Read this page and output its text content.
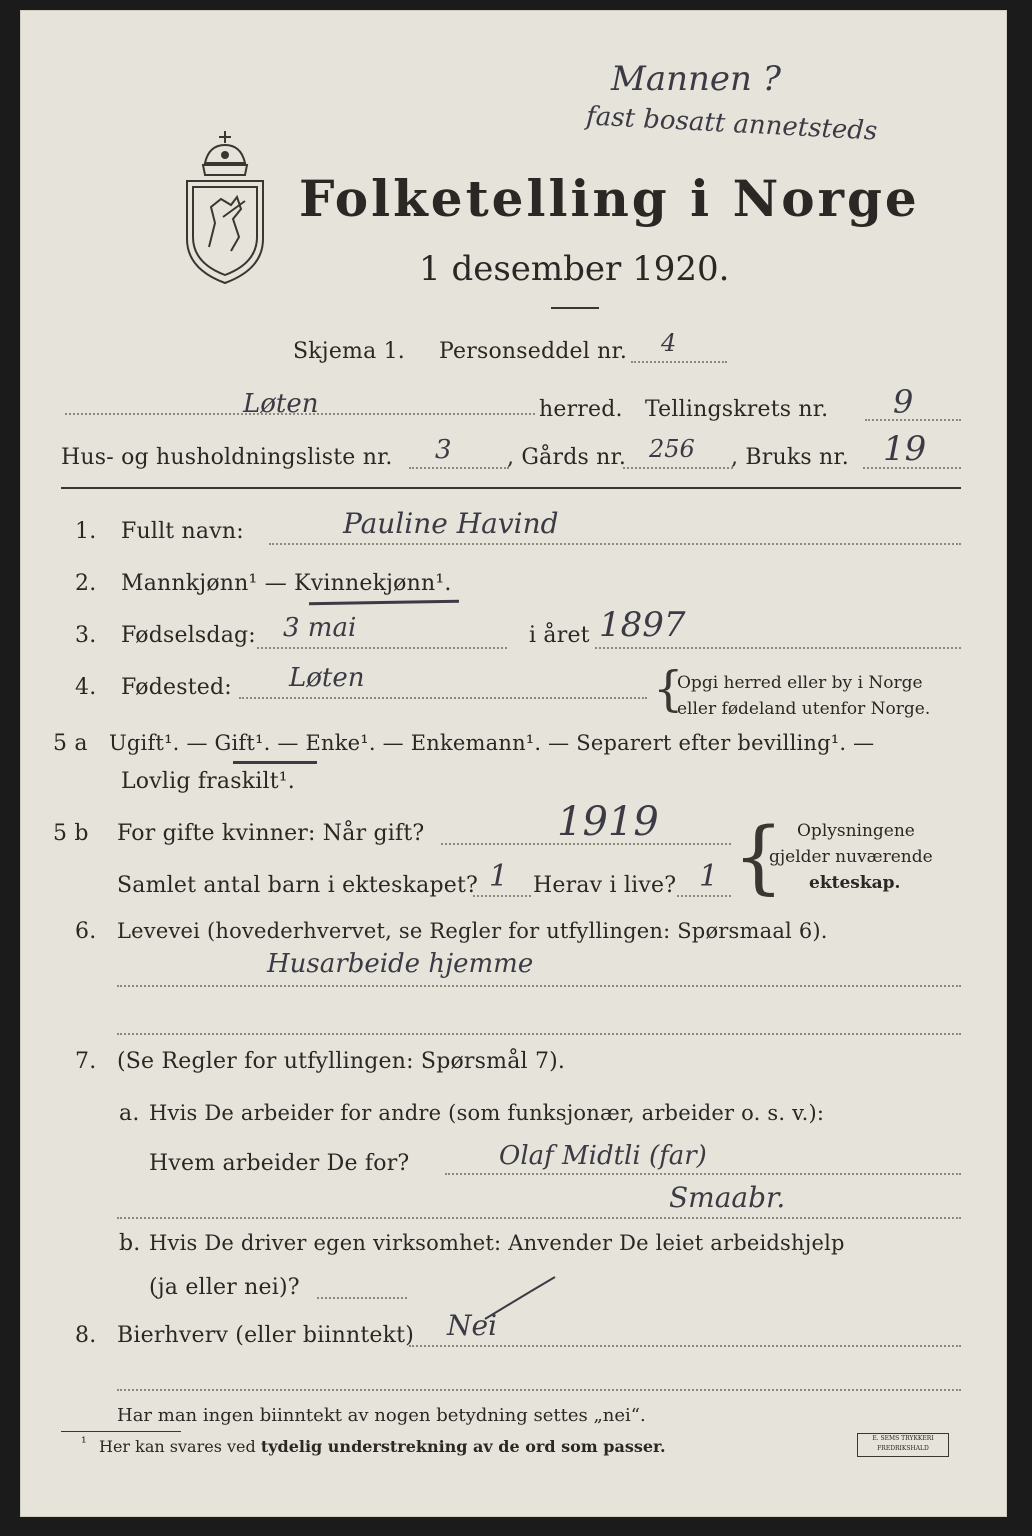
Mannen ?
fast bosatt annetsteds
Folketelling i Norge
1 desember 1920.
Skjema 1. Personseddel nr. 4
Løten	herred. Tellingskrets nr. 9
Hus- og husholdningsliste nr. 3	, Gårds nr. 256 , Bruks nr. 19
1. Fullt navn:	Pauline Havind
2. Mannkjønn¹ — Kvinnekjønn¹.
3. Fødselsdag: 3 mai	i året 1897
4. Fødested: Løten	{
Opgi herred eller by i Norge
eller fødeland utenfor Norge.
5 a Ugift¹. — Gift¹. — Enke¹. — Enkemann¹. — Separert efter bevilling¹. —
Lovlig fraskilt¹.
5 b For gifte kvinner: Når gift?	1919
Samlet antal barn i ekteskapet? 1 Herav i live? 1 { Oplysningene
gjelder nuværende
ekteskap.
6. Levevei (hovederhvervet, se Regler for utfyllingen: Spørsmaal 6).
Husarbeide hjemme
7. (Se Regler for utfyllingen: Spørsmål 7).
a. Hvis De arbeider for andre (som funksjonær, arbeider o. s. v.):
Hvem arbeider De for?	Olaf Midtli (far)
Smaabr.
b. Hvis De driver egen virksomhet: Anvender De leiet arbeidshjelp
(ja eller nei)?
8. Bierhverv (eller biinntekt) Nei
Har man ingen biinntekt av nogen betydning settes „nei“.
¹ Her kan svares ved tydelig understrekning av de ord som passer.	E. SEMS TRYKKERI
FREDRIKSHALD
